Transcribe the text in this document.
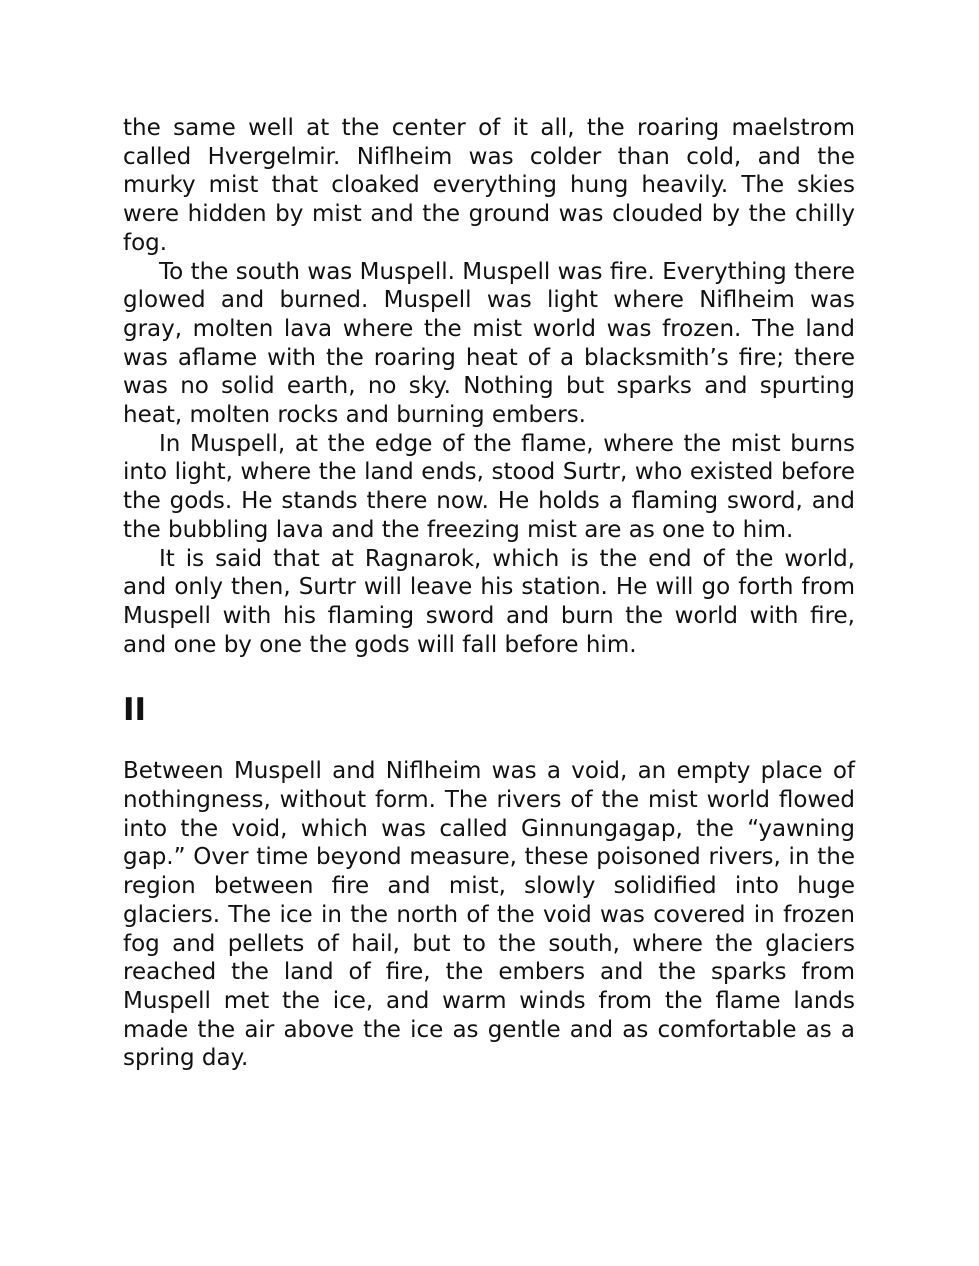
the same well at the center of it all, the roaring maelstrom called Hvergelmir. Niflheim was colder than cold, and the murky mist that cloaked everything hung heavily. The skies were hidden by mist and the ground was clouded by the chilly fog.

To the south was Muspell. Muspell was fire. Everything there glowed and burned. Muspell was light where Niflheim was gray, molten lava where the mist world was frozen. The land was aflame with the roaring heat of a blacksmith’s fire; there was no solid earth, no sky. Nothing but sparks and spurting heat, molten rocks and burning embers.

In Muspell, at the edge of the flame, where the mist burns into light, where the land ends, stood Surtr, who existed before the gods. He stands there now. He holds a flaming sword, and the bubbling lava and the freezing mist are as one to him.

It is said that at Ragnarok, which is the end of the world, and only then, Surtr will leave his station. He will go forth from Muspell with his flaming sword and burn the world with fire, and one by one the gods will fall before him.

II

Between Muspell and Niflheim was a void, an empty place of nothingness, without form. The rivers of the mist world flowed into the void, which was called Ginnungagap, the “yawning gap.” Over time beyond measure, these poisoned rivers, in the region between fire and mist, slowly solidified into huge glaciers. The ice in the north of the void was covered in frozen fog and pellets of hail, but to the south, where the glaciers reached the land of fire, the embers and the sparks from Muspell met the ice, and warm winds from the flame lands made the air above the ice as gentle and as comfortable as a spring day.
